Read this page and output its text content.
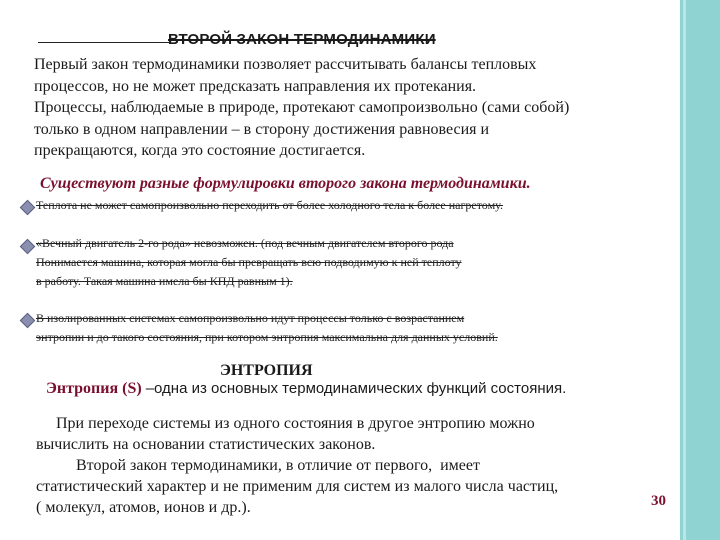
ВТОРОЙ ЗАКОН ТЕРМОДИНАМИКИ

Первый закон термодинамики позволяет рассчитывать балансы тепловых

процессов, но не может предсказать направления их протекания.

Процессы, наблюдаемые в природе, протекают самопроизвольно (сами собой)

только в одном направлении – в сторону достижения равновесия и

прекращаются, когда это состояние достигается.

Существуют разные формулировки второго закона термодинамики.

Теплота не может самопроизвольно переходить от более холодного тела к более нагретому.

«Вечный двигатель 2-го рода» невозможен. (под вечным двигателем второго рода

Понимается машина, которая могла бы превращать всю подводимую к ней теплоту

в работу. Такая машина имела бы КПД равным 1).

В изолированных системах самопроизвольно идут процессы только с возрастанием

энтропии и до такого состояния, при котором энтропия максимальна для данных условий.

ЭНТРОПИЯ
Энтропия (S) –одна из основных термодинамических функций состояния.

При переходе системы из одного состояния в другое энтропию можно

вычислить на основании статистических законов.

Второй закон термодинамики, в отличие от первого,  имеет

статистический характер и не применим для систем из малого числа частиц,

( молекул, атомов, ионов и др.).	30
